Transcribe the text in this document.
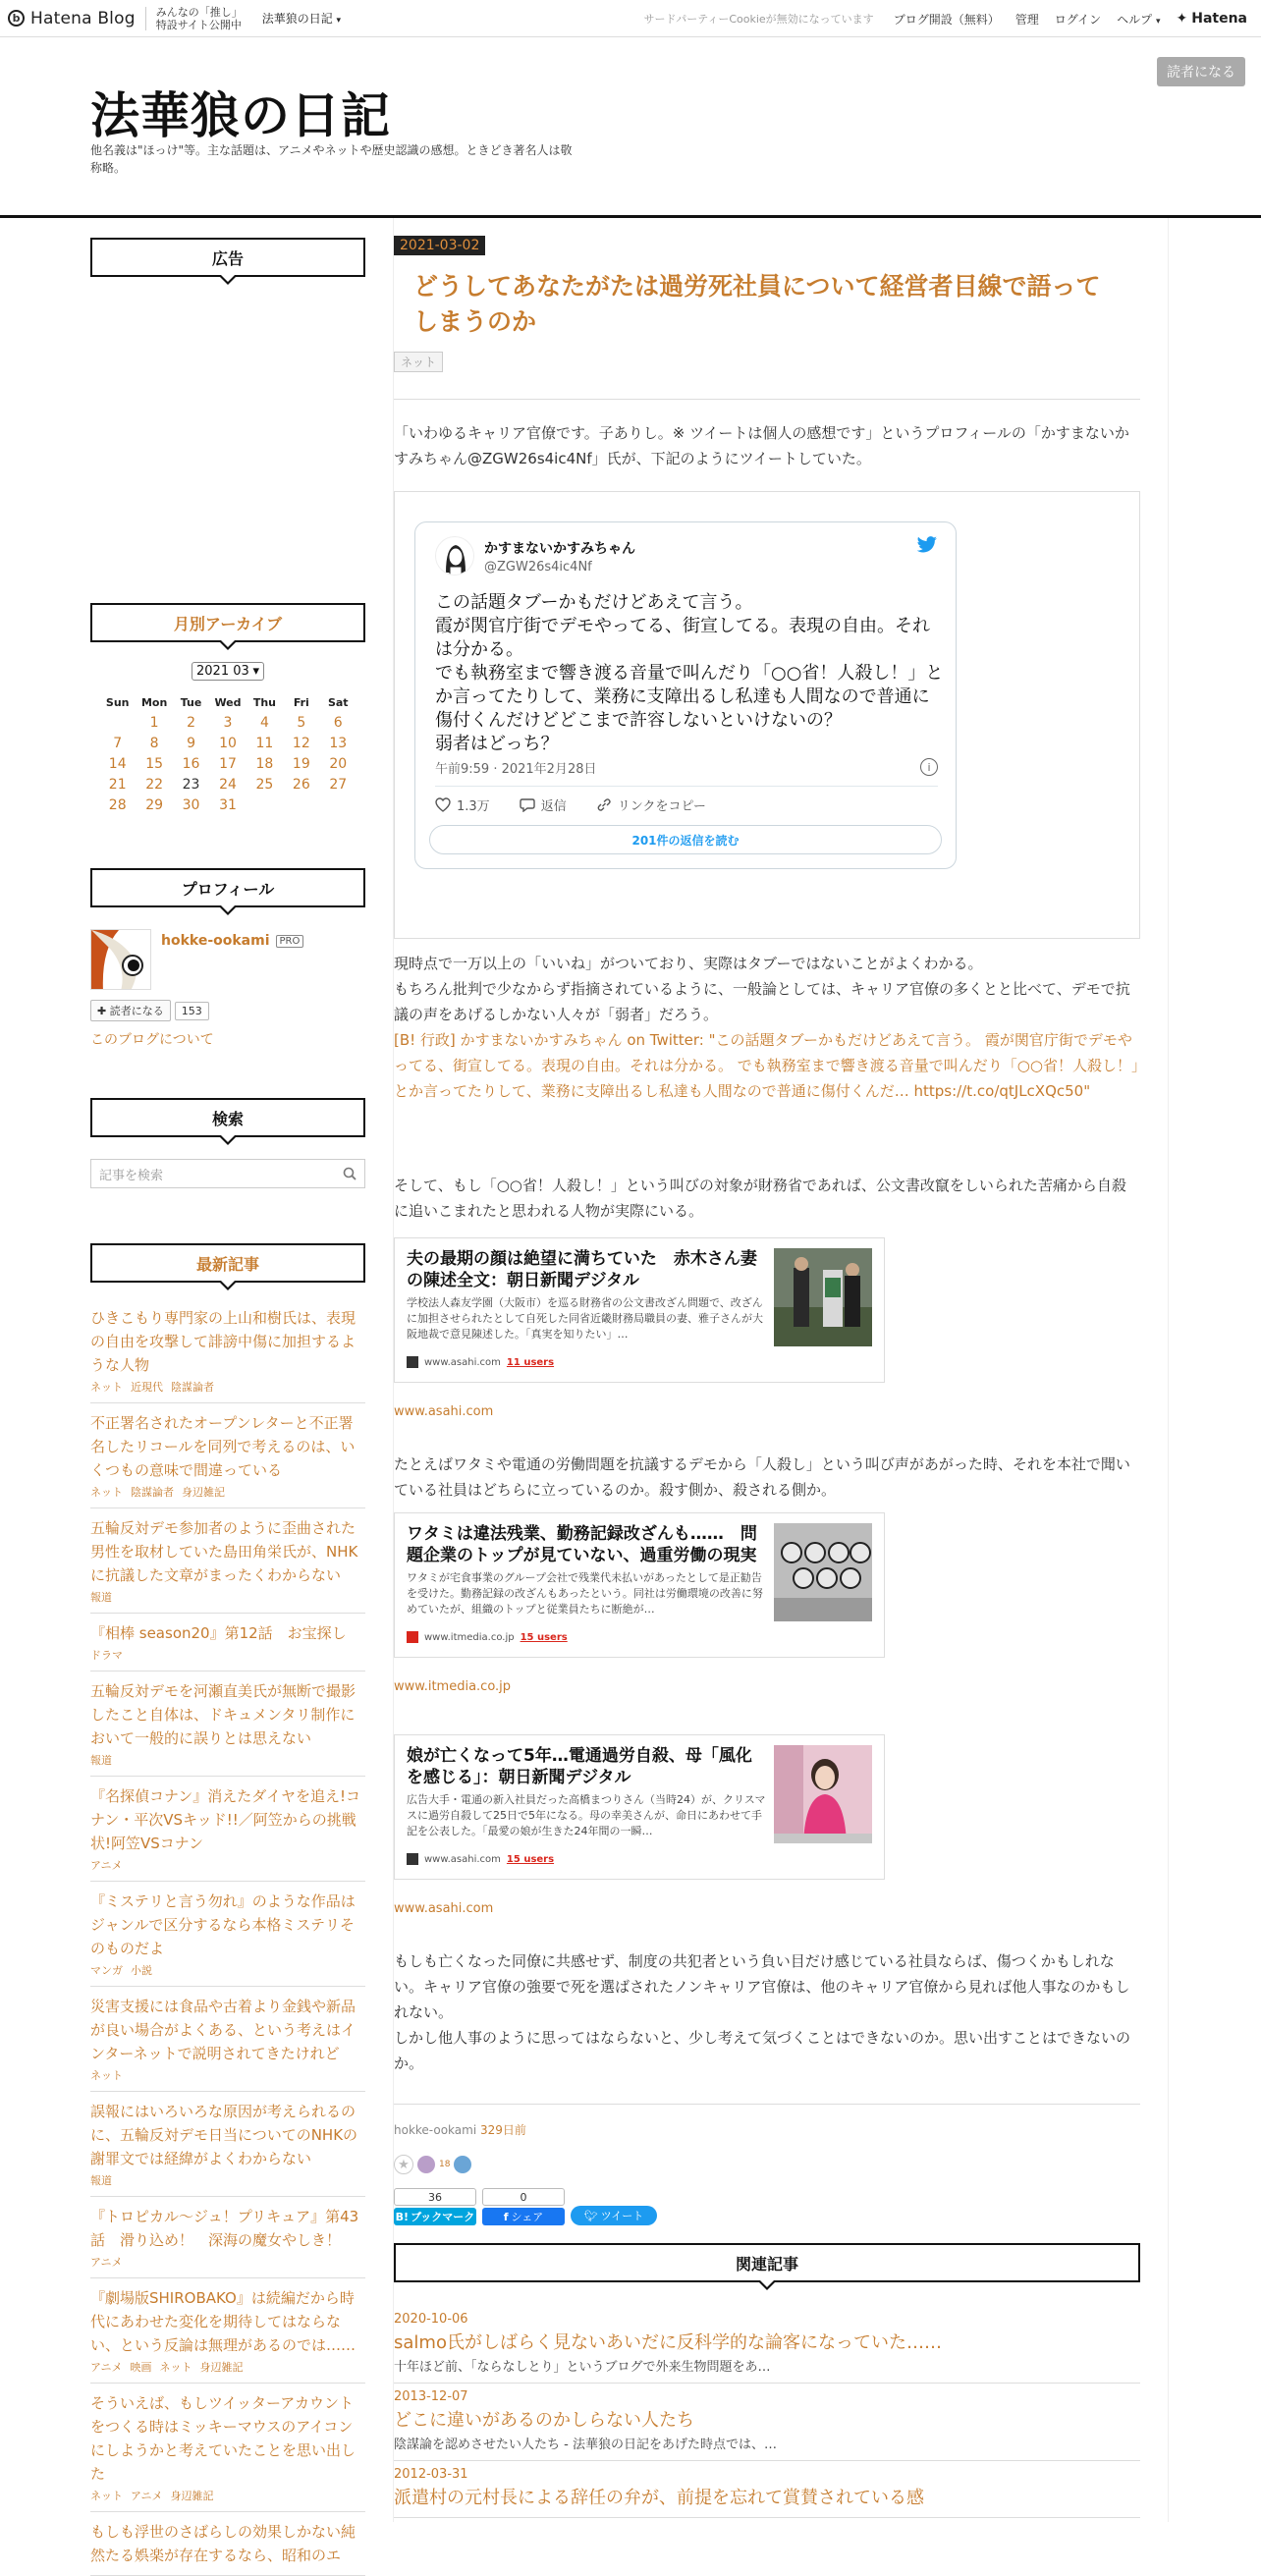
b Hatena Blog みんなの「推し」
特設サイト公開中 法華狼の日記 ▾	サードパーティーCookieが無効になっています ブログ開設（無料） 管理 ログイン ヘルプ ▾ ✦ Hatena
法華狼の日記
他名義は"ほっけ"等。主な話題は、アニメやネットや歴史認識の感想。ときどき著名人は敬称略。
読者になる
広告
月別アーカイブ
2021 03 ▾
Sun	Mon	Tue	Wed	Thu	Fri	Sat
	1	2	3	4	5	6
7	8	9	10	11	12	13
14	15	16	17	18	19	20
21	22	23	24	25	26	27
28	29	30	31			
プロフィール
hokke-ookami	PRO
✚ 読者になる	153
このブログについて
検索
記事を検索
最新記事
ひきこもり専門家の上山和樹氏は、表現の自由を攻撃して誹謗中傷に加担するような人物
ネット 近現代 陰謀論者
不正署名されたオープンレターと不正署名したリコールを同列で考えるのは、いくつもの意味で間違っている
ネット 陰謀論者 身辺雑記
五輪反対デモ参加者のように歪曲された男性を取材していた島田角栄氏が、NHKに抗議した文章がまったくわからない
報道
『相棒 season20』第12話　お宝探し
ドラマ
五輪反対デモを河瀬直美氏が無断で撮影したこと自体は、ドキュメンタリ制作において一般的に誤りとは思えない
報道
『名探偵コナン』消えたダイヤを追え!コナン・平次VSキッド!!／阿笠からの挑戦状!阿笠VSコナン
アニメ
『ミステリと言う勿れ』のような作品はジャンルで区分するなら本格ミステリそのものだよ
マンガ 小説
災害支援には食品や古着より金銭や新品が良い場合がよくある、という考えはインターネットで説明されてきたけれど
ネット
誤報にはいろいろな原因が考えられるのに、五輪反対デモ日当についてのNHKの謝罪文では経緯がよくわからない
報道
『トロピカル～ジュ！プリキュア』第43話　滑り込め！　深海の魔女やしき！
アニメ
『劇場版SHIROBAKO』は続編だから時代にあわせた変化を期待してはならない、という反論は無理があるのでは……
アニメ 映画 ネット 身辺雑記
そういえば、もしツイッターアカウントをつくる時はミッキーマウスのアイコンにしようかと考えていたことを思い出した
ネット アニメ 身辺雑記
もしも浮世のさばらしの効果しかない純然たる娯楽が存在するなら、昭和のエ
2021-03-02
どうしてあなたがたは過労死社員について経営者目線で語ってしまうのか
ネット

「いわゆるキャリア官僚です。子ありし。※ ツイートは個人の感想です」というプロフィールの「かすまないかすみちゃん@ZGW26s4ic4Nf」氏が、下記のようにツイートしていた。

かすまないかすみちゃん
@ZGW26s4ic4Nf
この話題タブーかもだけどあえて言う。
霞が関官庁街でデモやってる、街宣してる。表現の自由。それは分かる。
でも執務室まで響き渡る音量で叫んだり「○○省！人殺し！」とか言ってたりして、業務に支障出るし私達も人間なので普通に傷付くんだけどどこまで許容しないといけないの？
弱者はどっち？
午前9:59 · 2021年2月28日	i
1.3万	返信	リンクをコピー
201件の返信を読む

現時点で一万以上の「いいね」がついており、実際はタブーではないことがよくわかる。

もちろん批判で少なからず指摘されているように、一般論としては、キャリア官僚の多くとと比べて、デモで抗議の声をあげるしかない人々が「弱者」だろう。

[B! 行政] かすまないかすみちゃん on Twitter: "この話題タブーかもだけどあえて言う。 霞が関官庁街でデモやってる、街宣してる。表現の自由。それは分かる。 でも執務室まで響き渡る音量で叫んだり「○○省！人殺し！」とか言ってたりして、業務に支障出るし私達も人間なので普通に傷付くんだ… https://t.co/qtJLcXQc50"

そして、もし「○○省！人殺し！」という叫びの対象が財務省であれば、公文書改竄をしいられた苦痛から自殺に追いこまれたと思われる人物が実際にいる。

夫の最期の顔は絶望に満ちていた　赤木さん妻の陳述全文：朝日新聞デジタル
学校法人森友学園（大阪市）を巡る財務省の公文書改ざん問題で、改ざんに加担させられたとして自死した同省近畿財務局職員の妻、雅子さんが大阪地裁で意見陳述した。「真実を知りたい」…
www.asahi.com 11 users
www.asahi.com

たとえばワタミや電通の労働問題を抗議するデモから「人殺し」という叫び声があがった時、それを本社で聞いている社員はどちらに立っているのか。殺す側か、殺される側か。

ワタミは違法残業、勤務記録改ざんも……　問題企業のトップが見ていない、過重労働の現実
ワタミが宅食事業のグループ会社で残業代未払いがあったとして是正勧告を受けた。勤務記録の改ざんもあったという。同社は労働環境の改善に努めていたが、組織のトップと従業員たちに断絶が…
www.itmedia.co.jp 15 users
www.itmedia.co.jp
娘が亡くなって5年…電通過労自殺、母「風化を感じる」：朝日新聞デジタル
広告大手・電通の新入社員だった高橋まつりさん（当時24）が、クリスマスに過労自殺して25日で5年になる。母の幸美さんが、命日にあわせて手記を公表した。「最愛の娘が生きた24年間の一瞬…
www.asahi.com 15 users
www.asahi.com

もしも亡くなった同僚に共感せず、制度の共犯者という負い目だけ感じている社員ならば、傷つくかもしれない。キャリア官僚の強要で死を選ばされたノンキャリア官僚は、他のキャリア官僚から見れば他人事なのかもしれない。

しかし他人事のように思ってはならないと、少し考えて気づくことはできないのか。思い出すことはできないのか。

hokke-ookami 329日前
★	18
36
B! ブックマーク
0
f シェア	🐦︎ ツイート
関連記事
2020-10-06
salmo氏がしばらく見ないあいだに反科学的な論客になっていた……
十年ほど前、「ならなしとり」というブログで外来生物問題をあ…
2013-12-07
どこに違いがあるのかしらない人たち
陰謀論を認めさせたい人たち - 法華狼の日記をあげた時点では、…
2012-03-31
派遣村の元村長による辞任の弁が、前提を忘れて賞賛されている感
